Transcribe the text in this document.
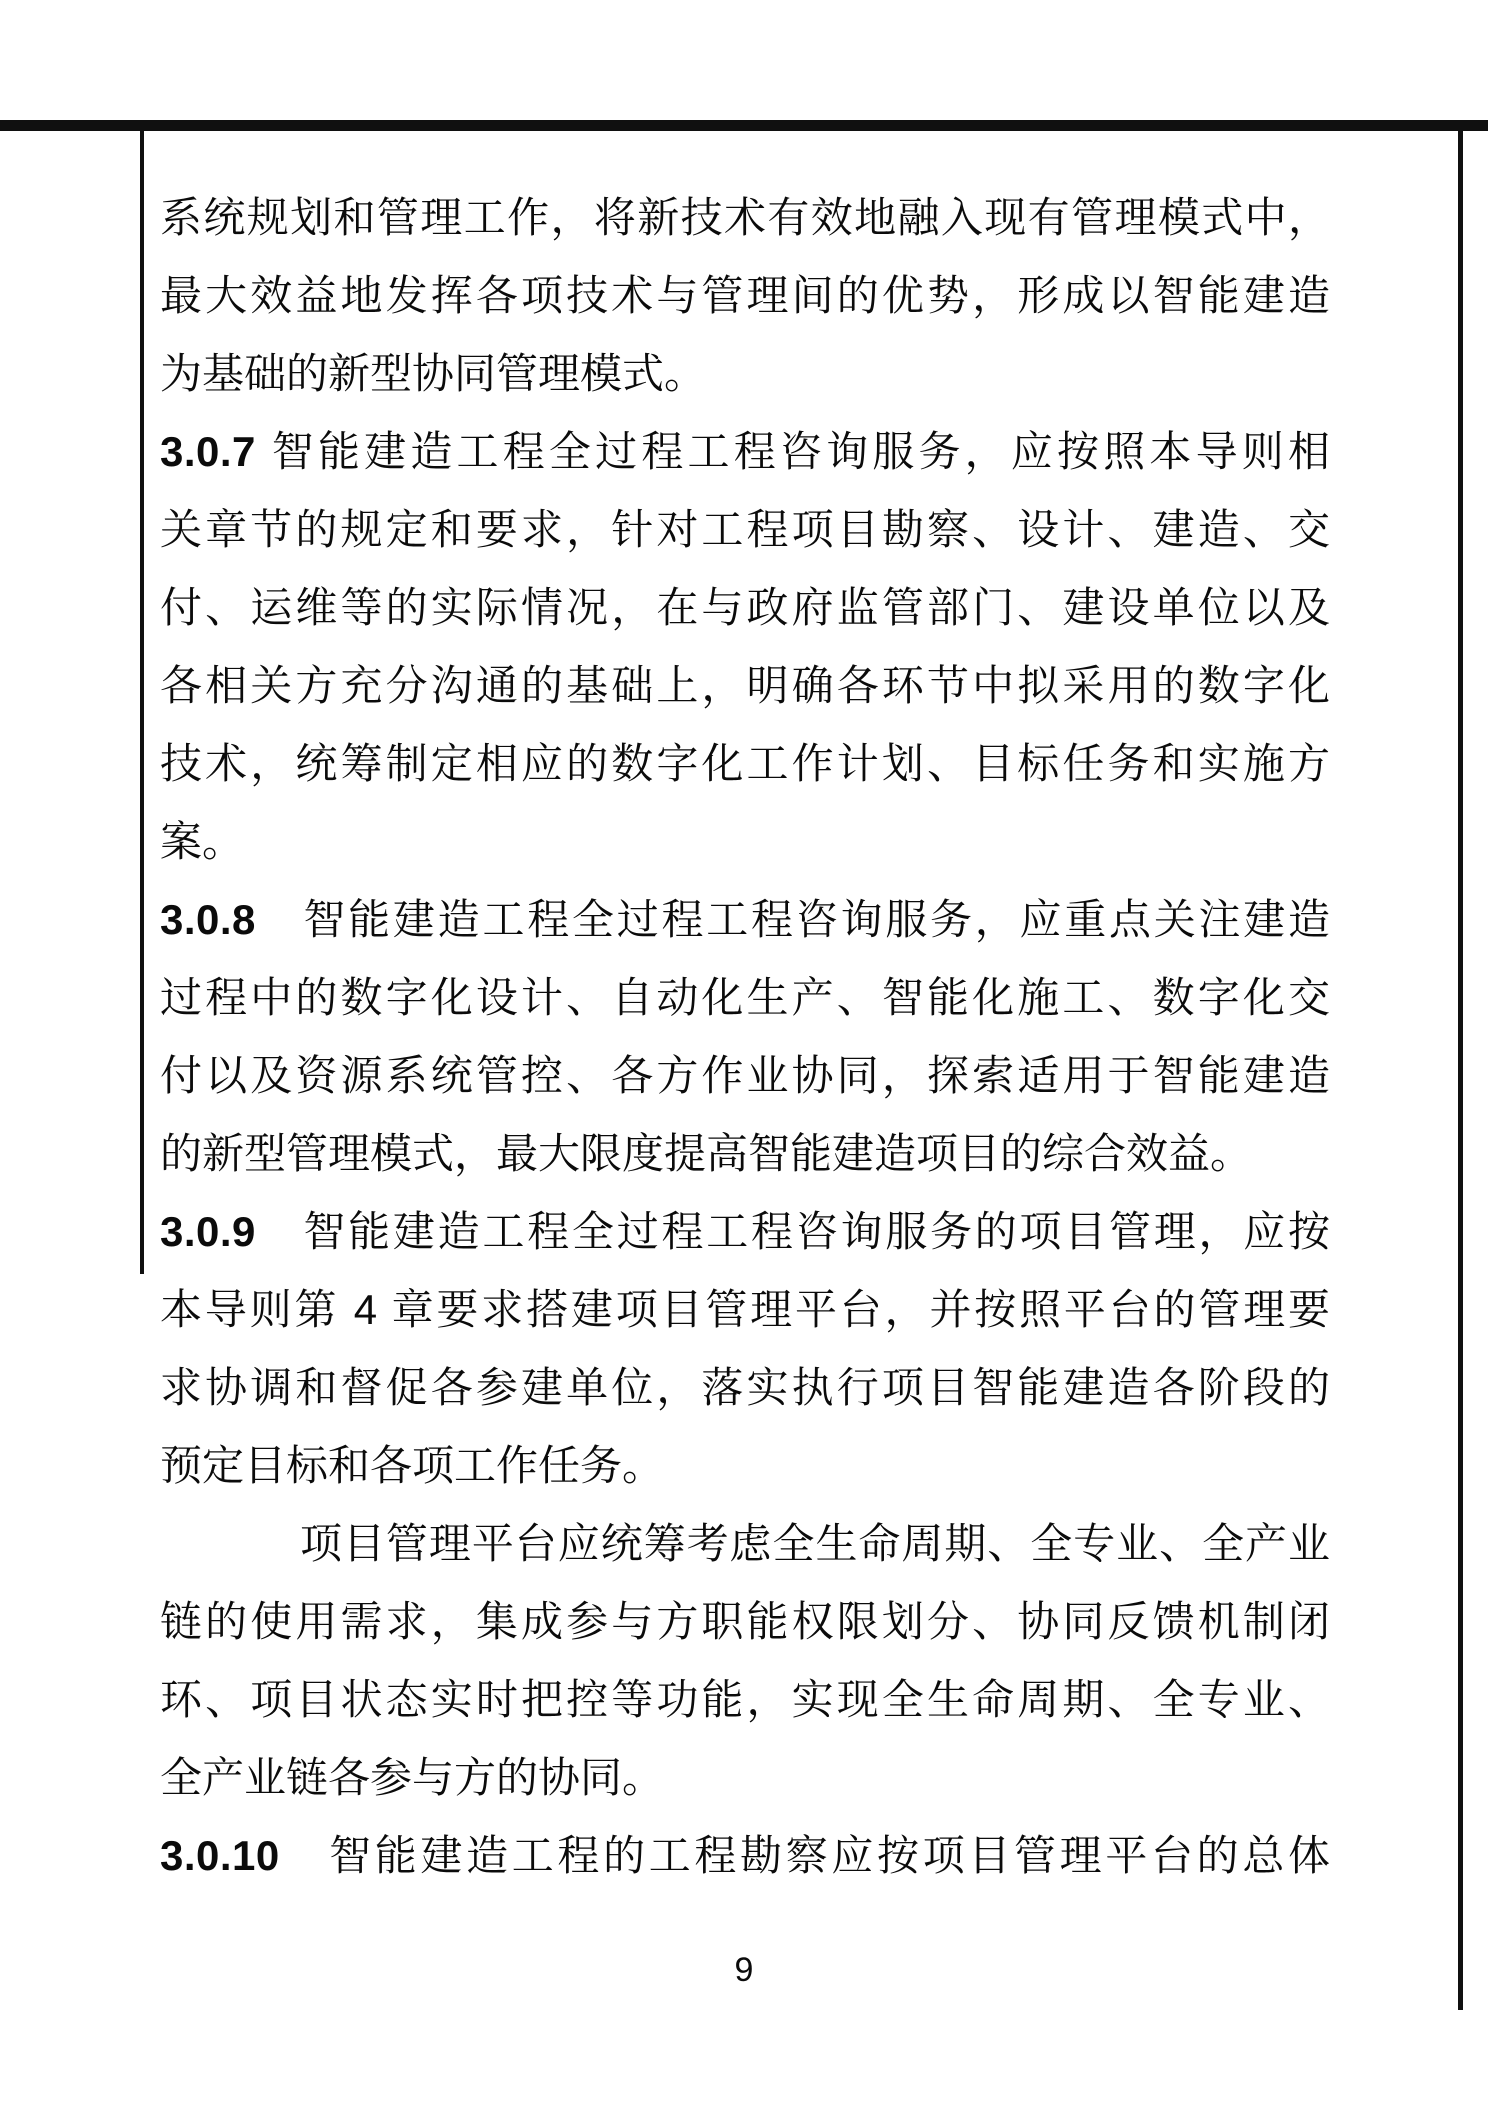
系统规划和管理工作，将新技术有效地融入现有管理模式中，
最大效益地发挥各项技术与管理间的优势，形成以智能建造
为基础的新型协同管理模式。
3.0.7 智能建造工程全过程工程咨询服务，应按照本导则相
关章节的规定和要求，针对工程项目勘察、设计、建造、交
付、运维等的实际情况，在与政府监管部门、建设单位以及
各相关方充分沟通的基础上，明确各环节中拟采用的数字化
技术，统筹制定相应的数字化工作计划、目标任务和实施方
案。
3.0.8　智能建造工程全过程工程咨询服务，应重点关注建造
过程中的数字化设计、自动化生产、智能化施工、数字化交
付以及资源系统管控、各方作业协同，探索适用于智能建造
的新型管理模式，最大限度提高智能建造项目的综合效益。
3.0.9　智能建造工程全过程工程咨询服务的项目管理，应按
本导则第 4 章要求搭建项目管理平台，并按照平台的管理要
求协调和督促各参建单位，落实执行项目智能建造各阶段的
预定目标和各项工作任务。
项目管理平台应统筹考虑全生命周期、全专业、全产业
链的使用需求，集成参与方职能权限划分、协同反馈机制闭
环、项目状态实时把控等功能，实现全生命周期、全专业、
全产业链各参与方的协同。
3.0.10　智能建造工程的工程勘察应按项目管理平台的总体
9
